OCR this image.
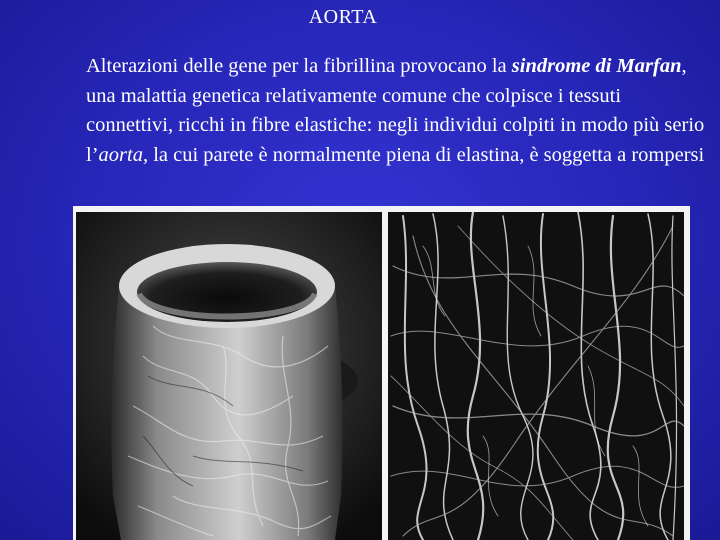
AORTA

Alterazioni delle gene per la fibrillina provocano la sindrome di Marfan, una malattia genetica relativamente comune che colpisce i tessuti connettivi, ricchi in fibre elastiche: negli individui colpiti in modo più serio l’aorta, la cui parete è normalmente piena di elastina, è soggetta a rompersi
